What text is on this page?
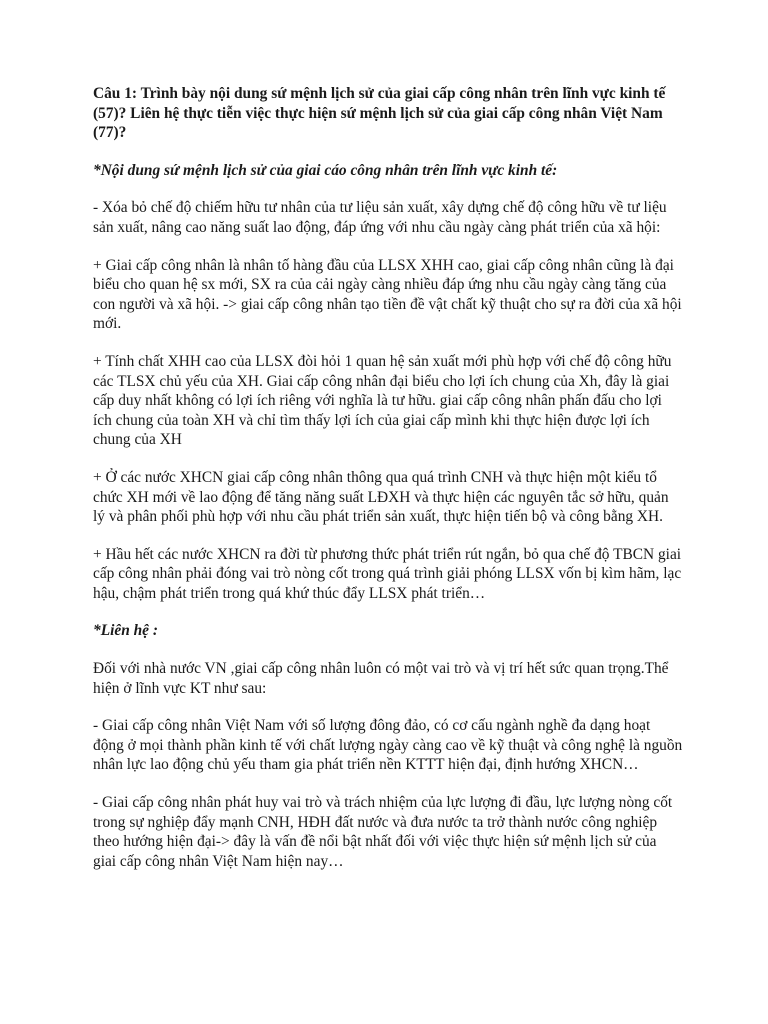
Câu 1: Trình bày nội dung sứ mệnh lịch sử của giai cấp công nhân trên lĩnh vực kinh tế (57)? Liên hệ thực tiễn việc thực hiện sứ mệnh lịch sử của giai cấp công nhân Việt Nam (77)?

*Nội dung sứ mệnh lịch sử của giai cáo công nhân trên lĩnh vực kinh tế:

- Xóa bỏ chế độ chiếm hữu tư nhân của tư liệu sản xuất, xây dựng chế độ công hữu về tư liệu sản xuất, nâng cao năng suất lao động, đáp ứng với nhu cầu ngày càng phát triển của xã hội:

+ Giai cấp công nhân là nhân tố hàng đầu của LLSX XHH cao, giai cấp công nhân cũng là đại biểu cho quan hệ sx mới, SX ra của cải ngày càng nhiều đáp ứng nhu cầu ngày càng tăng của con người và xã hội. -> giai cấp công nhân tạo tiền đề vật chất kỹ thuật cho sự ra đời của xã hội mới.

+ Tính chất XHH cao của LLSX đòi hỏi 1 quan hệ sản xuất mới phù hợp với chế độ công hữu các TLSX chủ yếu của XH. Giai cấp công nhân đại biểu cho lợi ích chung của Xh, đây là giai cấp duy nhất không có lợi ích riêng với nghĩa là tư hữu. giai cấp công nhân phấn đấu cho lợi ích chung của toàn XH và chỉ tìm thấy lợi ích của giai cấp mình khi thực hiện được lợi ích chung của XH

+ Ở các nước XHCN giai cấp công nhân thông qua quá trình CNH và thực hiện một kiểu tổ chức XH mới về lao động để tăng năng suất LĐXH và thực hiện các nguyên tắc sở hữu, quản lý và phân phối phù hợp với nhu cầu phát triển sản xuất, thực hiện tiến bộ và công bằng XH.

+ Hầu hết các nước XHCN ra đời từ phương thức phát triển rút ngắn, bỏ qua chế độ TBCN giai cấp công nhân phải đóng vai trò nòng cốt trong quá trình giải phóng LLSX vốn bị kìm hãm, lạc hậu, chậm phát triển trong quá khứ thúc đẩy LLSX phát triển…

*Liên hệ :

Đối với nhà nước VN ,giai cấp công nhân luôn có một vai trò và vị trí hết sức quan trọng.Thể hiện ở lĩnh vực KT như sau:

- Giai cấp công nhân Việt Nam với số lượng đông đảo, có cơ cấu ngành nghề đa dạng hoạt động ở mọi thành phần kinh tế với chất lượng ngày càng cao về kỹ thuật và công nghệ là nguồn nhân lực lao động chủ yếu tham gia phát triển nền KTTT hiện đại, định hướng XHCN…

- Giai cấp công nhân phát huy vai trò và trách nhiệm của lực lượng đi đầu, lực lượng nòng cốt trong sự nghiệp đẩy mạnh CNH, HĐH đất nước và đưa nước ta trở thành nước công nghiệp theo hướng hiện đại-> đây là vấn đề nổi bật nhất đối với việc thực hiện sứ mệnh lịch sử của giai cấp công nhân Việt Nam hiện nay…
